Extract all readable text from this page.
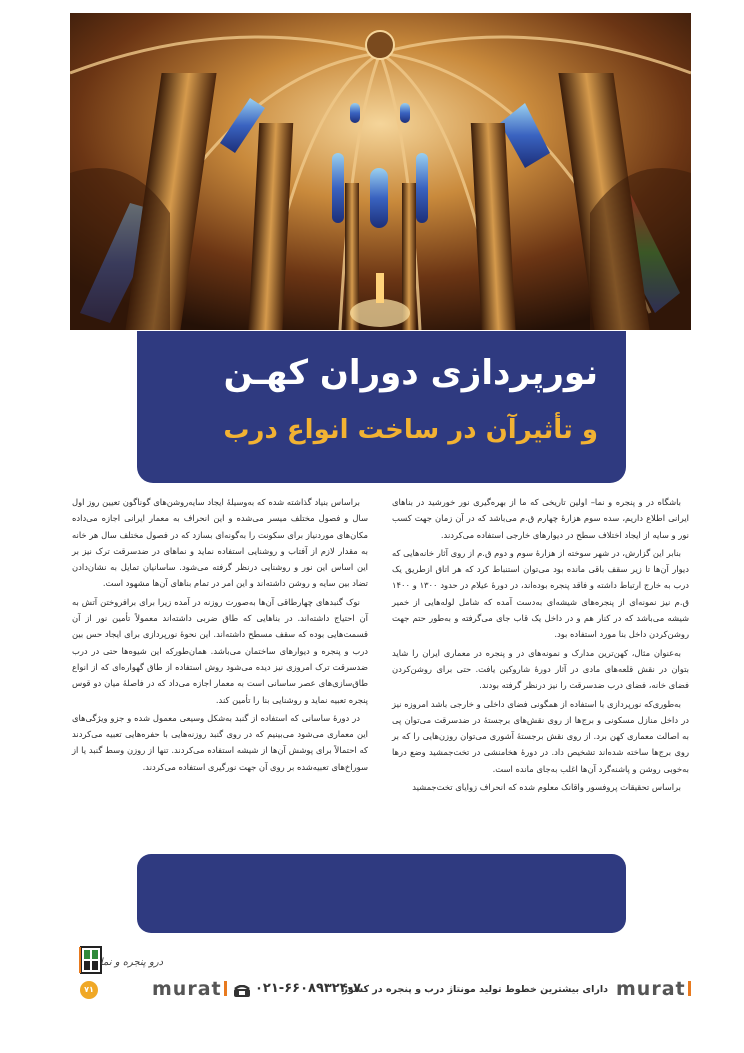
نورپردازی دوران کهـن
و تأثیرآن در ساخت انواع درب

باشگاه در و پنجره و نما– اولین تاریخی که ما از بهره‌گیری نور خورشید در بناهای ایرانی اطلاع داریم، سده سوم هزارهٔ چهارم ق.م می‌باشد که در آن زمان جهت کسب نور و سایه از ایجاد اختلاف سطح در دیوارهای خارجی استفاده می‌کردند.

بنابر این گزارش، در شهر سوخته از هزارهٔ سوم و دوم ق.م از روی آثار خانه‌هایی که دیوار آن‌ها تا زیر سقف باقی مانده بود می‌توان استنباط کرد که هر اتاق ازطریق یک درب به خارج ارتباط داشته و فاقد پنجره بوده‌اند، در دورهٔ عیلام در حدود ۱۳۰۰ و ۱۴۰۰ ق.م نیز نمونه‌ای از پنجره‌های شیشه‌ای به‌دست آمده که شامل لوله‌هایی از خمیر شیشه می‌باشد که در کنار هم و در داخل یک قاب جای می‌گرفته و به‌طور حتم جهت روشن‌کردن داخل بنا مورد استفاده بود.

به‌عنوان مثال، کهن‌ترین مدارک و نمونه‌های در و پنجره در معماری ایران را شاید بتوان در نقش قلعه‌های مادی در آثار دورهٔ شاروکین یافت. حتی برای روشن‌کردن فضای خانه، فضای درب ضدسرقت را نیز درنظر گرفته بودند.

به‌طوری‌که نورپردازی با استفاده از همگونی فضای داخلی و خارجی باشد امروزه نیز در داخل منازل مسکونی و برج‌ها از روی نقش‌های برجستهٔ در ضدسرقت می‌توان پی به اصالت معماری کهن برد. از روی نقش برجستهٔ آشوری می‌توان روزن‌هایی را که بر روی برج‌ها ساخته شده‌اند تشخیص داد. در دورهٔ هخامنشی در تخت‌جمشید وضع درها به‌خوبی روشن و پاشنه‌گرد آن‌ها اغلب به‌جای مانده است.

براساس تحقیقات پروفسور واقانک معلوم شده که انحراف زوایای تخت‌جمشید

براساس بنیاد گذاشته شده که به‌وسیلهٔ ایجاد سایه‌روشن‌های گوناگون تعیین روز اول سال و فصول مختلف میسر می‌شده و این انحراف به معمار ایرانی اجازه می‌داده مکان‌های موردنیاز برای سکونت را به‌گونه‌ای بسازد که در فصول مختلف سال هر خانه به مقدار لازم از آفتاب و روشنایی استفاده نماید و نماهای در ضدسرقت ترک نیز بر این اساس این نور و روشنایی درنظر گرفته می‌شود. ساسانیان تمایل به نشان‌دادن تضاد بین سایه و روشن داشته‌اند و این امر در تمام بناهای آن‌ها مشهود است.

نوک گنبدهای چهارطاقی آن‌ها به‌صورت روزنه در آمده زیرا برای برافروختن آتش به آن احتیاج داشته‌اند. در بناهایی که طاق ضربی داشته‌اند معمولاً تأمین نور از آن قسمت‌هایی بوده که سقف مسطح داشته‌اند. این نحوهٔ نورپردازی برای ایجاد حس بین درب و پنجره و دیوارهای ساختمان می‌باشد. همان‌طورکه این شیوه‌ها حتی در درب ضدسرقت ترک امروزی نیز دیده می‌شود روش استفاده از طاق گهواره‌ای که از انواع طاق‌سازی‌های عصر ساسانی است به معمار اجازه می‌داد که در فاصلهٔ میان دو قوس پنجره تعبیه نماید و روشنایی بنا را تأمین کند.

در دورهٔ ساسانی که استفاده از گنبد به‌شکل وسیعی معمول شده و جزو ویژگی‌های این معماری می‌شود می‌بینیم که در روی گنبد روزنه‌هایی با حفره‌هایی تعبیه می‌کردند که احتمالاً برای پوشش آن‌ها از شیشه استفاده می‌کردند. تنها از روزن وسط گنبد یا از سوراخ‌های تعبیه‌شده بر روی آن جهت نورگیری استفاده می‌کردند.

murat
دارای بیشترین خطوط تولید مونتاژ درب و پنجره در کشور
۰۲۱-۶۶۰۸۹۳۲۴-۷
murat
درو پنجره و نما
۷۱
